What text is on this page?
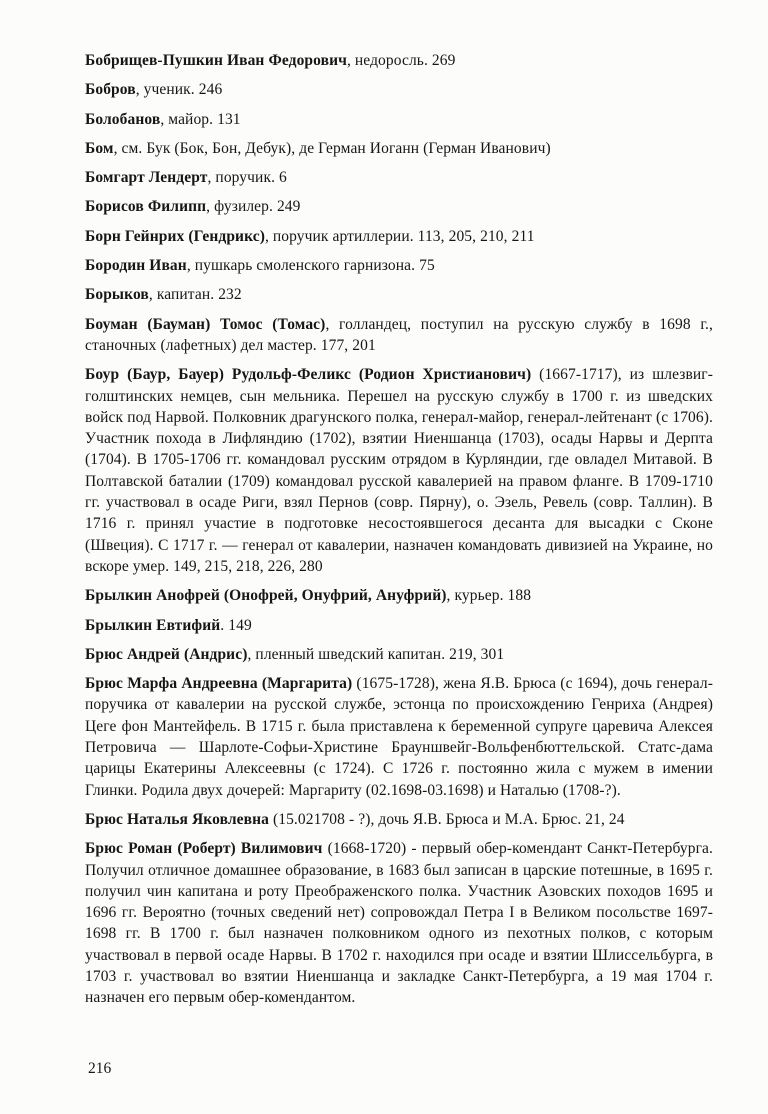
Бобрищев-Пушкин Иван Федорович, недоросль. 269

Бобров, ученик. 246

Болобанов, майор. 131

Бом, см. Бук (Бок, Бон, Дебук), де Герман Иоганн (Герман Иванович)

Бомгарт Лендерт, поручик. 6

Борисов Филипп, фузилер. 249

Борн Гейнрих (Гендрикс), поручик артиллерии. 113, 205, 210, 211

Бородин Иван, пушкарь смоленского гарнизона. 75

Борыков, капитан. 232

Боуман (Бауман) Томос (Томас), голландец, поступил на русскую службу в 1698 г., станочных (лафетных) дел мастер. 177, 201

Боур (Баур, Бауер) Рудольф-Феликс (Родион Христианович) (1667-1717), из шлезвиг-голштинских немцев, сын мельника. Перешел на русскую службу в 1700 г. из шведских войск под Нарвой. Полковник драгунского полка, генерал-майор, генерал-лейтенант (с 1706). Участник похода в Лифляндию (1702), взятии Ниеншанца (1703), осады Нарвы и Дерпта (1704). В 1705-1706 гг. командовал русским отрядом в Курляндии, где овладел Митавой. В Полтавской баталии (1709) командовал русской кавалерией на правом фланге. В 1709-1710 гг. участвовал в осаде Риги, взял Пернов (совр. Пярну), о. Эзель, Ревель (совр. Таллин). В 1716 г. принял участие в подготовке несостоявшегося десанта для высадки с Сконе (Швеция). С 1717 г. — генерал от кавалерии, назначен командовать дивизией на Украине, но вскоре умер. 149, 215, 218, 226, 280

Брылкин Анофрей (Онофрей, Онуфрий, Ануфрий), курьер. 188

Брылкин Евтифий. 149

Брюс Андрей (Андрис), пленный шведский капитан. 219, 301

Брюс Марфа Андреевна (Маргарита) (1675-1728), жена Я.В. Брюса (с 1694), дочь генерал-поручика от кавалерии на русской службе, эстонца по происхождению Генриха (Андрея) Цеге фон Мантейфель. В 1715 г. была приставлена к беременной супруге царевича Алексея Петровича — Шарлоте-Софьи-Христине Брауншвейг-Вольфенбюттельской. Статс-дама царицы Екатерины Алексеевны (с 1724). С 1726 г. постоянно жила с мужем в имении Глинки. Родила двух дочерей: Маргариту (02.1698-03.1698) и Наталью (1708-?).

Брюс Наталья Яковлевна (15.021708 - ?), дочь Я.В. Брюса и М.А. Брюс. 21, 24

Брюс Роман (Роберт) Вилимович (1668-1720) - первый обер-комендант Санкт-Петербурга. Получил отличное домашнее образование, в 1683 был записан в царские потешные, в 1695 г. получил чин капитана и роту Преображенского полка. Участник Азовских походов 1695 и 1696 гг. Вероятно (точных сведений нет) сопровождал Петра I в Великом посольстве 1697-1698 гг. В 1700 г. был назначен полковником одного из пехотных полков, с которым участвовал в первой осаде Нарвы. В 1702 г. находился при осаде и взятии Шлиссельбурга, в 1703 г. участвовал во взятии Ниеншанца и закладке Санкт-Петербурга, а 19 мая 1704 г. назначен его первым обер-комендантом.

216
